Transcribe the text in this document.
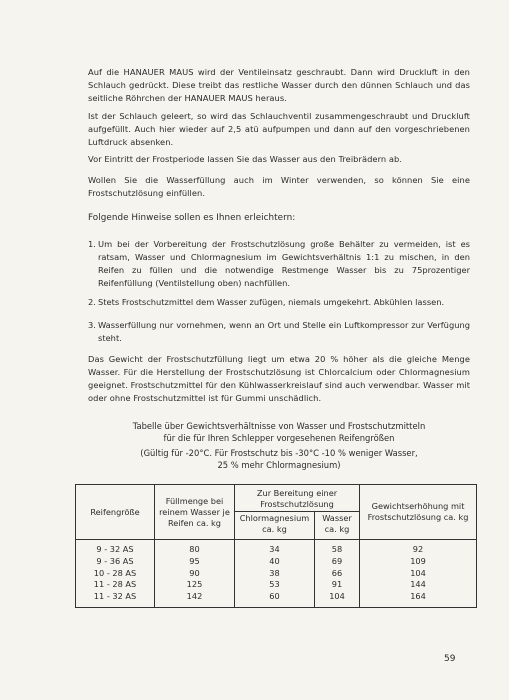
Auf die HANAUER MAUS wird der Ventileinsatz geschraubt. Dann wird Druckluft in den Schlauch gedrückt. Diese treibt das restliche Wasser durch den dünnen Schlauch und das seitliche Röhrchen der HANAUER MAUS heraus.

Ist der Schlauch geleert, so wird das Schlauchventil zusammengeschraubt und Druckluft aufgefüllt. Auch hier wieder auf 2,5 atü aufpumpen und dann auf den vorgeschriebenen Luftdruck absenken.

Vor Eintritt der Frostperiode lassen Sie das Wasser aus den Treibrädern ab.

Wollen Sie die Wasserfüllung auch im Winter verwenden, so können Sie eine Frostschutzlösung einfüllen.

Folgende Hinweise sollen es Ihnen erleichtern:

1. Um bei der Vorbereitung der Frostschutzlösung große Behälter zu vermeiden, ist es ratsam, Wasser und Chlormagnesium im Gewichtsverhältnis 1:1 zu mischen, in den Reifen zu füllen und die notwendige Restmenge Wasser bis zu 75prozentiger Reifenfüllung (Ventilstellung oben) nachfüllen.
2. Stets Frostschutzmittel dem Wasser zufügen, niemals umgekehrt. Abkühlen lassen.
3. Wasserfüllung nur vornehmen, wenn an Ort und Stelle ein Luftkompressor zur Verfügung steht.

Das Gewicht der Frostschutzfüllung liegt um etwa 20 % höher als die gleiche Menge Wasser. Für die Herstellung der Frostschutzlösung ist Chlorcalcium oder Chlormagnesium geeignet. Frostschutzmittel für den Kühlwasserkreislauf sind auch verwendbar. Wasser mit oder ohne Frostschutzmittel ist für Gummi unschädlich.

Tabelle über Gewichtsverhältnisse von Wasser und Frostschutzmitteln
für die für Ihren Schlepper vorgesehenen Reifengrößen
(Gültig für -20°C. Für Frostschutz bis -30°C -10 % weniger Wasser,
25 % mehr Chlormagnesium)
Reifengröße	Füllmenge bei reinem Wasser je Reifen ca. kg	Zur Bereitung einer Frostschutzlösung		Gewichtserhöhung mit Frostschutzlösung ca. kg
		Chlormagnesium ca. kg	Wasser ca. kg	
9 - 32 AS	80	34	58	92
9 - 36 AS	95	40	69	109
10 - 28 AS	90	38	66	104
11 - 28 AS	125	53	91	144
11 - 32 AS	142	60	104	164
59
